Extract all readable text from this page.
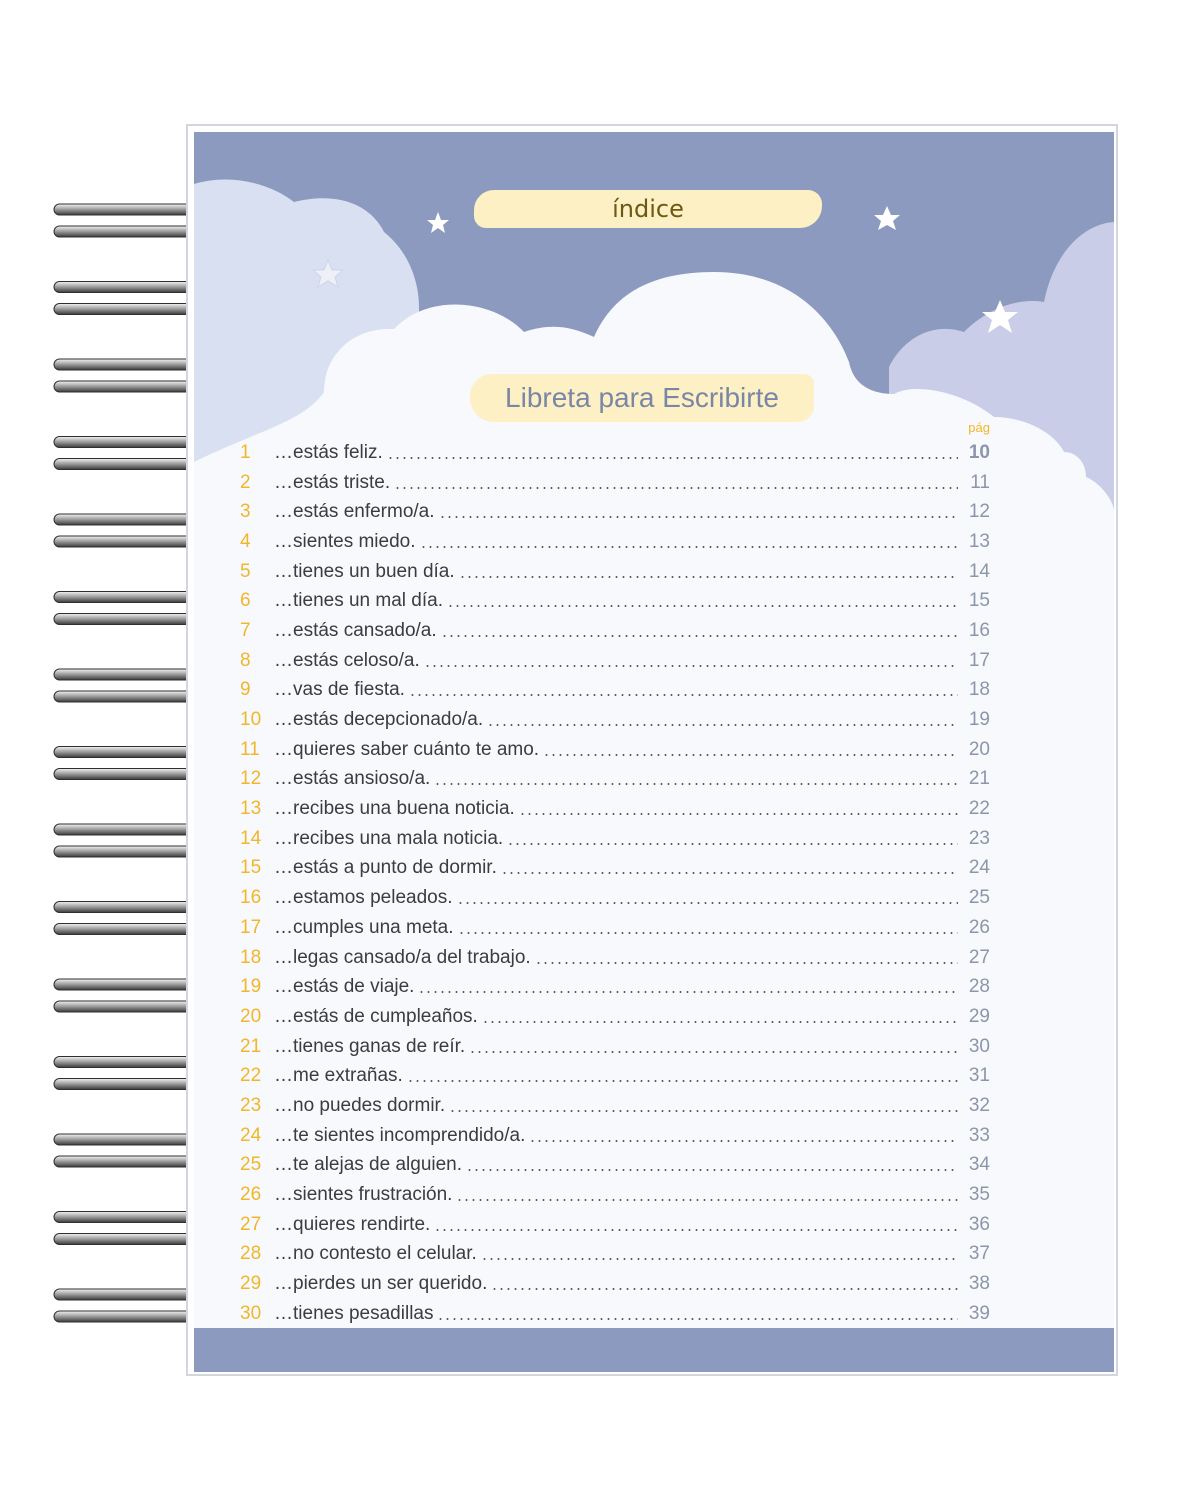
índice
Libreta para Escribirte
pág
1	…estás feliz.	10
2	…estás triste.	11
3	…estás enfermo/a.	12
4	…sientes miedo.	13
5	…tienes un buen día.	14
6	…tienes un mal día.	15
7	…estás cansado/a.	16
8	…estás celoso/a.	17
9	…vas de fiesta.	18
10 …estás decepcionado/a.	19
11 …quieres saber cuánto te amo.	20
12 …estás ansioso/a.	21
13 …recibes una buena noticia.	22
14 …recibes una mala noticia.	23
15 …estás a punto de dormir.	24
16 …estamos peleados.	25
17 …cumples una meta.	26
18 …legas cansado/a del trabajo.	27
19 …estás de viaje.	28
20 …estás de cumpleaños.	29
21 …tienes ganas de reír.	30
22 …me extrañas.	31
23 …no puedes dormir.	32
24 …te sientes incomprendido/a.	33
25 …te alejas de alguien.	34
26 …sientes frustración.	35
27 …quieres rendirte.	36
28 …no contesto el celular.	37
29 …pierdes un ser querido.	38
30 …tienes pesadillas	39
